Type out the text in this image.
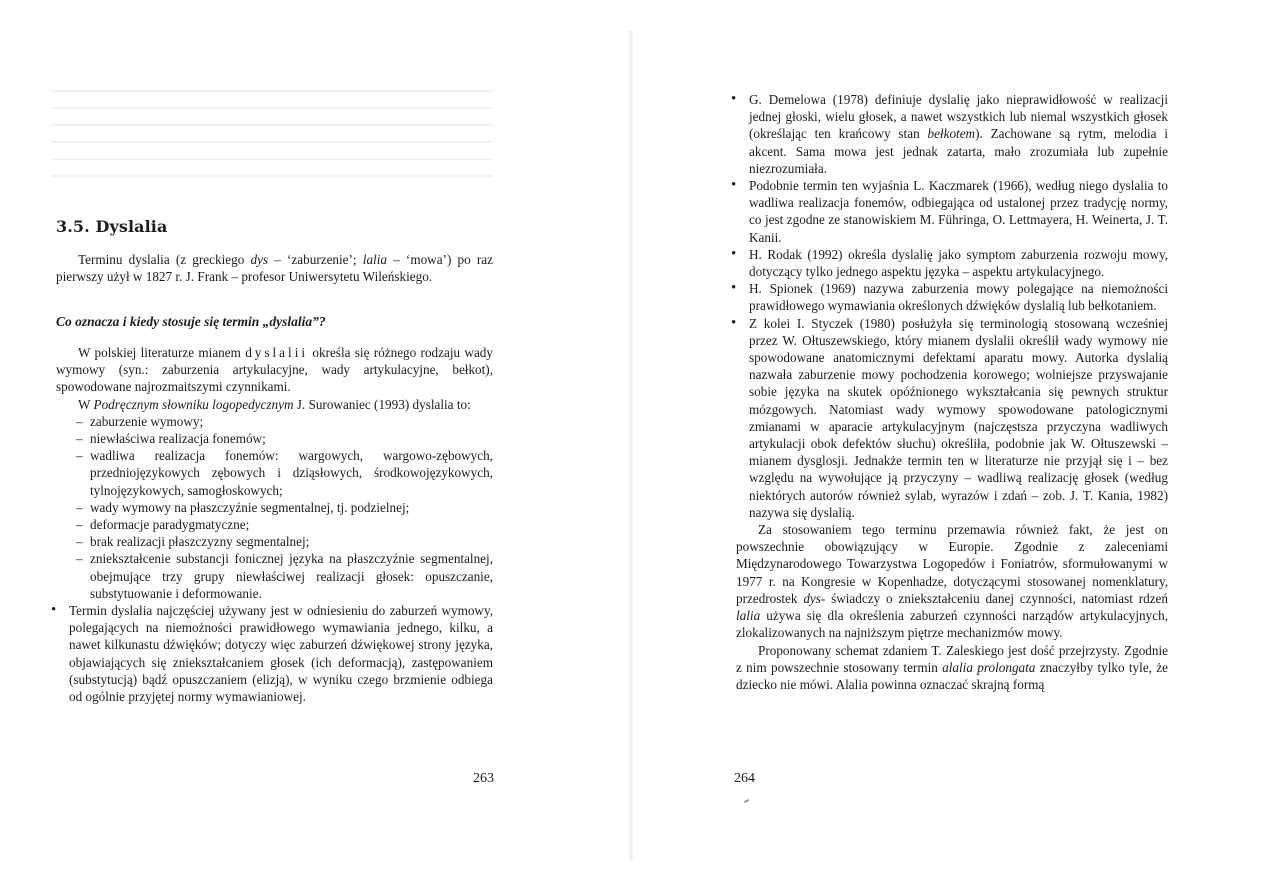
3.5. Dyslalia

Terminu dyslalia (z greckiego dys – ‘zaburzenie’; lalia – ‘mowa’) po raz pierwszy użył w 1827 r. J. Frank – profesor Uniwersytetu Wileńskiego.

Co oznacza i kiedy stosuje się termin „dyslalia”?

W polskiej literaturze mianem dyslalii określa się różnego rodzaju wady wymowy (syn.: zaburzenia artykulacyjne, wady artykulacyjne, bełkot), spowodowane najrozmaitszymi czynnikami.

W Podręcznym słowniku logopedycznym J. Surowaniec (1993) dyslalia to:

– zaburzenie wymowy;
– niewłaściwa realizacja fonemów;
– wadliwa realizacja fonemów: wargowych, wargowo-zębowych, przedniojęzykowych zębowych i dziąsłowych, środkowojęzykowych, tylnojęzykowych, samogłoskowych;
– wady wymowy na płaszczyźnie segmentalnej, tj. podzielnej;
– deformacje paradygmatyczne;
– brak realizacji płaszczyzny segmentalnej;
– zniekształcenie substancji fonicznej języka na płaszczyźnie segmentalnej, obejmujące trzy grupy niewłaściwej realizacji głosek: opuszczanie, substytuowanie i deformowanie.
• Termin dyslalia najczęściej używany jest w odniesieniu do zaburzeń wymowy, polegających na niemożności prawidłowego wymawiania jednego, kilku, a nawet kilkunastu dźwięków; dotyczy więc zaburzeń dźwiękowej strony języka, objawiających się zniekształcaniem głosek (ich deformacją), zastępowaniem (substytucją) bądź opuszczaniem (elizją), w wyniku czego brzmienie odbiega od ogólnie przyjętej normy wymawianiowej.
263
• G. Demelowa (1978) definiuje dyslalię jako nieprawidłowość w realizacji jednej głoski, wielu głosek, a nawet wszystkich lub niemal wszystkich głosek (określając ten krańcowy stan bełkotem). Zachowane są rytm, melodia i akcent. Sama mowa jest jednak zatarta, mało zrozumiała lub zupełnie niezrozumiała.
• Podobnie termin ten wyjaśnia L. Kaczmarek (1966), według niego dyslalia to wadliwa realizacja fonemów, odbiegająca od ustalonej przez tradycję normy, co jest zgodne ze stanowiskiem M. Führinga, O. Lettmayera, H. Weinerta, J. T. Kanii.
• H. Rodak (1992) określa dyslalię jako symptom zaburzenia rozwoju mowy, dotyczący tylko jednego aspektu języka – aspektu artykulacyjnego.
• H. Spionek (1969) nazywa zaburzenia mowy polegające na niemożności prawidłowego wymawiania określonych dźwięków dyslalią lub bełkotaniem.
• Z kolei I. Styczek (1980) posłużyła się terminologią stosowaną wcześniej przez W. Ołtuszewskiego, który mianem dyslalii określił wady wymowy nie spowodowane anatomicznymi defektami aparatu mowy. Autorka dyslalią nazwała zaburzenie mowy pochodzenia korowego; wolniejsze przyswajanie sobie języka na skutek opóźnionego wykształcania się pewnych struktur mózgowych. Natomiast wady wymowy spowodowane patologicznymi zmianami w aparacie artykulacyjnym (najczęstsza przyczyna wadliwych artykulacji obok defektów słuchu) określiła, podobnie jak W. Ołtuszewski – mianem dysglosji. Jednakże termin ten w literaturze nie przyjął się i – bez względu na wywołujące ją przyczyny – wadliwą realizację głosek (według niektórych autorów również sylab, wyrazów i zdań – zob. J. T. Kania, 1982) nazywa się dyslalią.

Za stosowaniem tego terminu przemawia również fakt, że jest on powszechnie obowiązujący w Europie. Zgodnie z zaleceniami Międzynarodowego Towarzystwa Logopedów i Foniatrów, sformułowanymi w 1977 r. na Kongresie w Kopenhadze, dotyczącymi stosowanej nomenklatury, przedrostek dys- świadczy o zniekształceniu danej czynności, natomiast rdzeń lalia używa się dla określenia zaburzeń czynności narządów artykulacyjnych, zlokalizowanych na najniższym piętrze mechanizmów mowy.

Proponowany schemat zdaniem T. Zaleskiego jest dość przejrzysty. Zgodnie z nim powszechnie stosowany termin alalia prolongata znaczyłby tylko tyle, że dziecko nie mówi. Alalia powinna oznaczać skrajną formą

264
